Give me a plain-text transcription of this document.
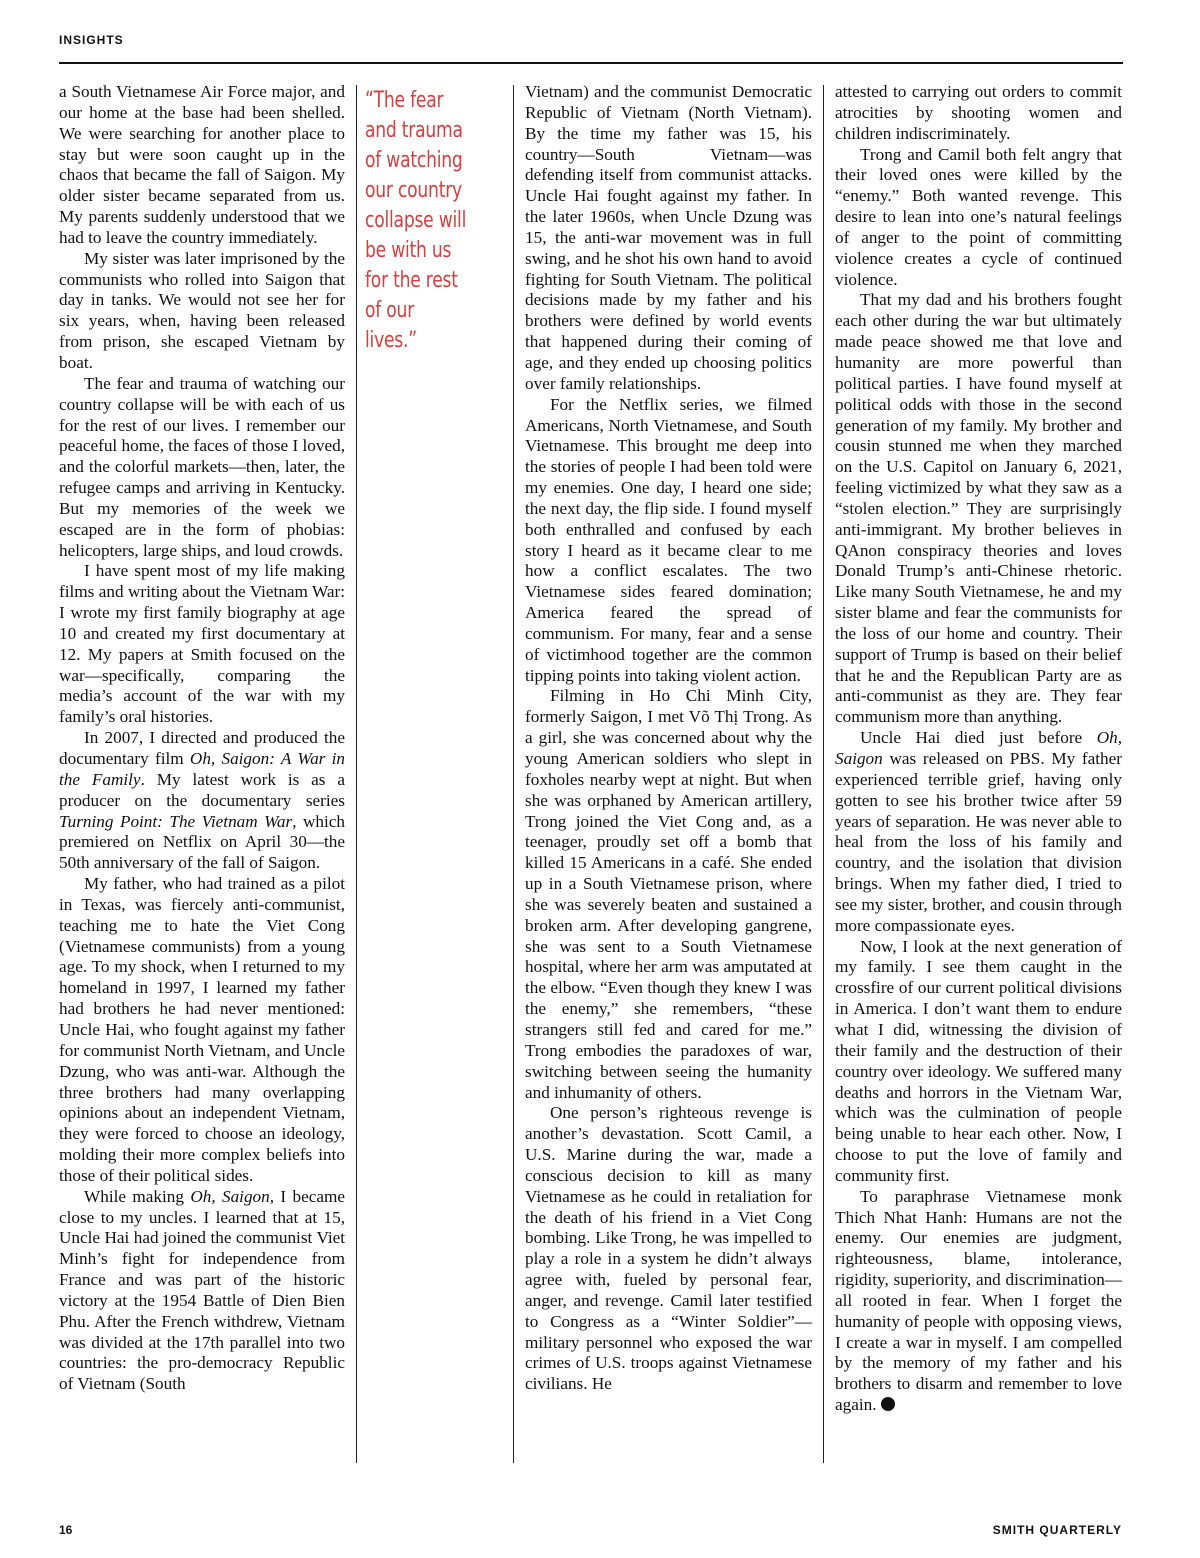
INSIGHTS

a South Vietnamese Air Force major, and our home at the base had been shelled. We were searching for another place to stay but were soon caught up in the chaos that became the fall of Saigon. My older sister became separated from us. My parents suddenly understood that we had to leave the country immediately.

My sister was later imprisoned by the communists who rolled into Saigon that day in tanks. We would not see her for six years, when, having been released from prison, she escaped Vietnam by boat.

The fear and trauma of watching our country collapse will be with each of us for the rest of our lives. I remember our peaceful home, the faces of those I loved, and the colorful markets—then, later, the refugee camps and arriving in Kentucky. But my memories of the week we escaped are in the form of phobias: helicopters, large ships, and loud crowds.

I have spent most of my life making films and writing about the Vietnam War: I wrote my first family biography at age 10 and created my first documentary at 12. My papers at Smith focused on the war—specifically, comparing the media’s account of the war with my family’s oral histories.

In 2007, I directed and produced the documentary film Oh, Saigon: A War in the Family. My latest work is as a producer on the documentary series Turning Point: The Vietnam War, which premiered on Netflix on April 30—the 50th anniversary of the fall of Saigon.

My father, who had trained as a pilot in Texas, was fiercely anti-communist, teaching me to hate the Viet Cong (Vietnamese communists) from a young age. To my shock, when I returned to my homeland in 1997, I learned my father had brothers he had never mentioned: Uncle Hai, who fought against my father for communist North Vietnam, and Uncle Dzung, who was anti-war. Although the three brothers had many overlapping opinions about an independent Vietnam, they were forced to choose an ideology, molding their more complex beliefs into those of their political sides.

While making Oh, Saigon, I became close to my uncles. I learned that at 15, Uncle Hai had joined the communist Viet Minh’s fight for independence from France and was part of the historic victory at the 1954 Battle of Dien Bien Phu. After the French withdrew, Vietnam was divided at the 17th parallel into two countries: the pro-democracy Republic of Vietnam (South

“The fear and trauma of watching our country collapse will be with us for the rest of our lives.”

Vietnam) and the communist Democratic Republic of Vietnam (North Vietnam). By the time my father was 15, his country—South Vietnam—was defending itself from communist attacks. Uncle Hai fought against my father. In the later 1960s, when Uncle Dzung was 15, the anti-war movement was in full swing, and he shot his own hand to avoid fighting for South Vietnam. The political decisions made by my father and his brothers were defined by world events that happened during their coming of age, and they ended up choosing politics over family relationships.

For the Netflix series, we filmed Americans, North Vietnamese, and South Vietnamese. This brought me deep into the stories of people I had been told were my enemies. One day, I heard one side; the next day, the flip side. I found myself both enthralled and confused by each story I heard as it became clear to me how a conflict escalates. The two Vietnamese sides feared domination; America feared the spread of communism. For many, fear and a sense of victimhood together are the common tipping points into taking violent action.

Filming in Ho Chi Minh City, formerly Saigon, I met Võ Thị Trong. As a girl, she was concerned about why the young American soldiers who slept in foxholes nearby wept at night. But when she was orphaned by American artillery, Trong joined the Viet Cong and, as a teenager, proudly set off a bomb that killed 15 Americans in a café. She ended up in a South Vietnamese prison, where she was severely beaten and sustained a broken arm. After developing gangrene, she was sent to a South Vietnamese hospital, where her arm was amputated at the elbow. “Even though they knew I was the enemy,” she remembers, “these strangers still fed and cared for me.” Trong embodies the paradoxes of war, switching between seeing the humanity and inhumanity of others.

One person’s righteous revenge is another’s devastation. Scott Camil, a U.S. Marine during the war, made a conscious decision to kill as many Vietnamese as he could in retaliation for the death of his friend in a Viet Cong bombing. Like Trong, he was impelled to play a role in a system he didn’t always agree with, fueled by personal fear, anger, and revenge. Camil later testified to Congress as a “Winter Soldier”—military personnel who exposed the war crimes of U.S. troops against Vietnamese civilians. He

attested to carrying out orders to commit atrocities by shooting women and children indiscriminately.

Trong and Camil both felt angry that their loved ones were killed by the “enemy.” Both wanted revenge. This desire to lean into one’s natural feelings of anger to the point of committing violence creates a cycle of continued violence.

That my dad and his brothers fought each other during the war but ultimately made peace showed me that love and humanity are more powerful than political parties. I have found myself at political odds with those in the second generation of my family. My brother and cousin stunned me when they marched on the U.S. Capitol on January 6, 2021, feeling victimized by what they saw as a “stolen election.” They are surprisingly anti-immigrant. My brother believes in QAnon conspiracy theories and loves Donald Trump’s anti-Chinese rhetoric. Like many South Vietnamese, he and my sister blame and fear the communists for the loss of our home and country. Their support of Trump is based on their belief that he and the Republican Party are as anti-communist as they are. They fear communism more than anything.

Uncle Hai died just before Oh, Saigon was released on PBS. My father experienced terrible grief, having only gotten to see his brother twice after 59 years of separation. He was never able to heal from the loss of his family and country, and the isolation that division brings. When my father died, I tried to see my sister, brother, and cousin through more compassionate eyes.

Now, I look at the next generation of my family. I see them caught in the crossfire of our current political divisions in America. I don’t want them to endure what I did, witnessing the division of their family and the destruction of their country over ideology. We suffered many deaths and horrors in the Vietnam War, which was the culmination of people being unable to hear each other. Now, I choose to put the love of family and community first.

To paraphrase Vietnamese monk Thich Nhat Hanh: Humans are not the enemy. Our enemies are judgment, righteousness, blame, intolerance, rigidity, superiority, and discrimination—all rooted in fear. When I forget the humanity of people with opposing views, I create a war in myself. I am compelled by the memory of my father and his brothers to disarm and remember to love again.

16	SMITH QUARTERLY
